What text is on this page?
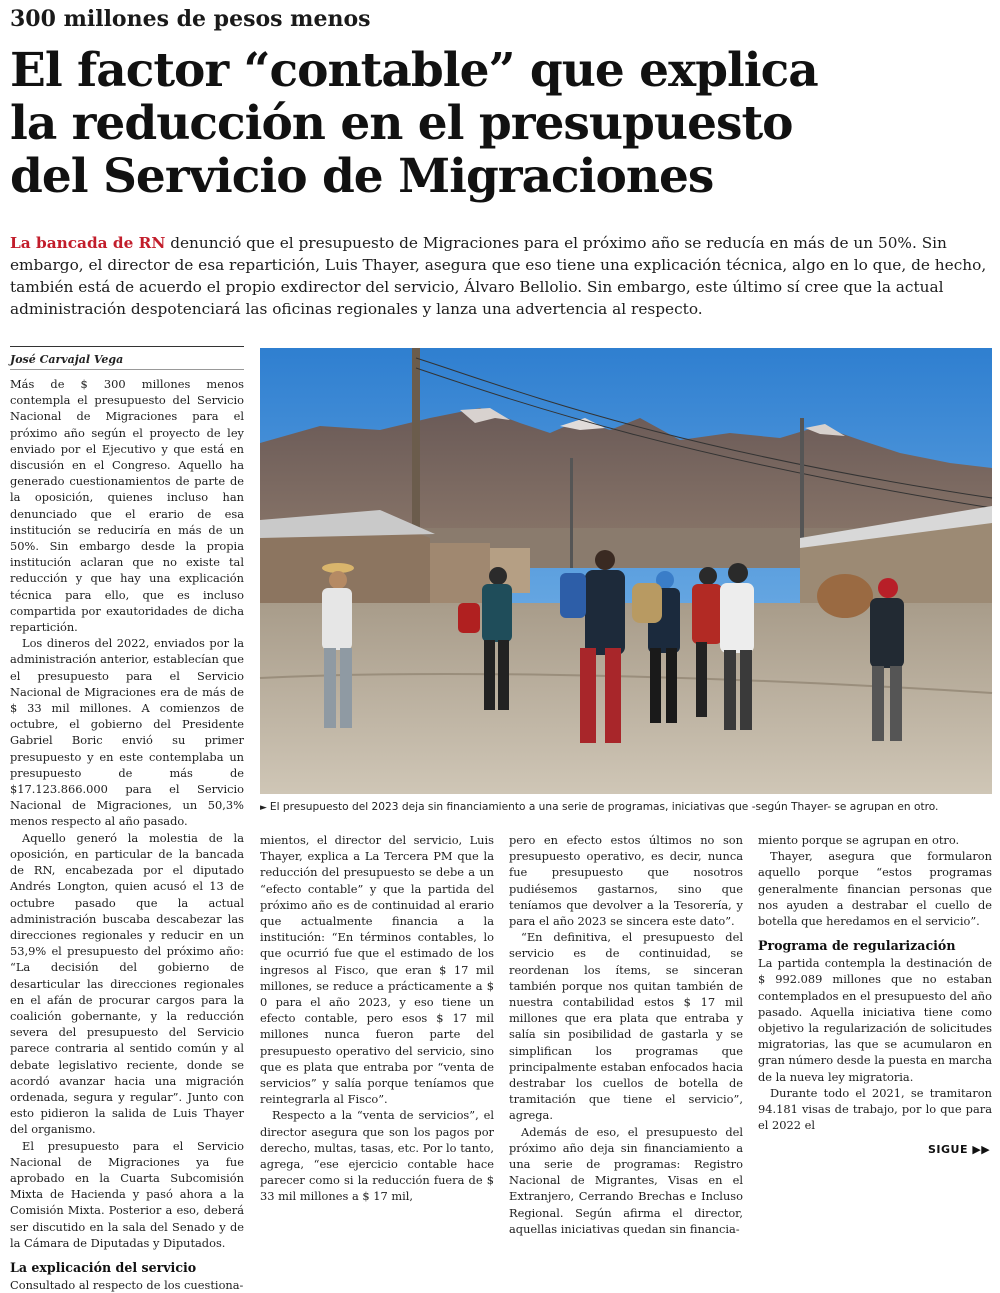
300 millones de pesos menos
El factor “contable” que explica
la reducción en el presupuesto
del Servicio de Migraciones

La bancada de RN denunció que el presupuesto de Migraciones para el próximo año se reducía en más de un 50%. Sin embargo, el director de esa repartición, Luis Thayer, asegura que eso tiene una explicación técnica, algo en lo que, de hecho, también está de acuerdo el propio exdirector del servicio, Álvaro Bellolio. Sin embargo, este último sí cree que la actual administración despotenciará las oficinas regionales y lanza una advertencia al respecto.

José Carvajal Vega

Más de $ 300 millones menos contempla el presupuesto del Servicio Nacional de Migraciones para el próximo año según el proyecto de ley enviado por el Ejecutivo y que está en discusión en el Congreso. Aquello ha generado cuestionamientos de parte de la oposición, quienes incluso han denunciado que el erario de esa institución se reduciría en más de un 50%. Sin embargo desde la propia institución aclaran que no existe tal reducción y que hay una explicación técnica para ello, que es incluso compartida por exautoridades de dicha repartición.

Los dineros del 2022, enviados por la administración anterior, establecían que el presupuesto para el Servicio Nacional de Migraciones era de más de $ 33 mil millones. A comienzos de octubre, el gobierno del Presidente Gabriel Boric envió su primer presupuesto y en este contemplaba un presupuesto de más de $17.123.866.000 para el Servicio Nacional de Migraciones, un 50,3% menos respecto al año pasado.

Aquello generó la molestia de la oposición, en particular de la bancada de RN, encabezada por el diputado Andrés Longton, quien acusó el 13 de octubre pasado que la actual administración buscaba descabezar las direcciones regionales y reducir en un 53,9% el presupuesto del próximo año: “La decisión del gobierno de desarticular las direcciones regionales en el afán de procurar cargos para la coalición gobernante, y la reducción severa del presupuesto del Servicio parece contraria al sentido común y al debate legislativo reciente, donde se acordó avanzar hacia una migración ordenada, segura y regular”. Junto con esto pidieron la salida de Luis Thayer del organismo.

El presupuesto para el Servicio Nacional de Migraciones ya fue aprobado en la Cuarta Subcomisión Mixta de Hacienda y pasó ahora a la Comisión Mixta. Posterior a eso, deberá ser discutido en la sala del Senado y de la Cámara de Diputadas y Diputados.

La explicación del servicio

Consultado al respecto de los cuestiona-

► El presupuesto del 2023 deja sin financiamiento a una serie de programas, iniciativas que -según Thayer- se agrupan en otro.

mientos, el director del servicio, Luis Thayer, explica a La Tercera PM que la reducción del presupuesto se debe a un “efecto contable” y que la partida del próximo año es de continuidad al erario que actualmente financia a la institución: “En términos contables, lo que ocurrió fue que el estimado de los ingresos al Fisco, que eran $ 17 mil millones, se reduce a prácticamente a $ 0 para el año 2023, y eso tiene un efecto contable, pero esos $ 17 mil millones nunca fueron parte del presupuesto operativo del servicio, sino que es plata que entraba por “venta de servicios” y salía porque teníamos que reintegrarla al Fisco”.

Respecto a la “venta de servicios”, el director asegura que son los pagos por derecho, multas, tasas, etc. Por lo tanto, agrega, “ese ejercicio contable hace parecer como si la reducción fuera de $ 33 mil millones a $ 17 mil,

pero en efecto estos últimos no son presupuesto operativo, es decir, nunca fue presupuesto que nosotros pudiésemos gastarnos, sino que teníamos que devolver a la Tesorería, y para el año 2023 se sincera este dato”.

“En definitiva, el presupuesto del servicio es de continuidad, se reordenan los ítems, se sinceran también porque nos quitan también de nuestra contabilidad estos $ 17 mil millones que era plata que entraba y salía sin posibilidad de gastarla y se simplifican los programas que principalmente estaban enfocados hacia destrabar los cuellos de botella de tramitación que tiene el servicio”, agrega.

Además de eso, el presupuesto del próximo año deja sin financiamiento a una serie de programas: Registro Nacional de Migrantes, Visas en el Extranjero, Cerrando Brechas e Incluso Regional. Según afirma el director, aquellas iniciativas quedan sin financia-

miento porque se agrupan en otro.

Thayer, asegura que formularon aquello porque “estos programas generalmente financian personas que nos ayuden a destrabar el cuello de botella que heredamos en el servicio”.

Programa de regularización

La partida contempla la destinación de $ 992.089 millones que no estaban contemplados en el presupuesto del año pasado. Aquella iniciativa tiene como objetivo la regularización de solicitudes migratorias, las que se acumularon en gran número desde la puesta en marcha de la nueva ley migratoria.

Durante todo el 2021, se tramitaron 94.181 visas de trabajo, por lo que para el 2022 el

SIGUE ▶▶
